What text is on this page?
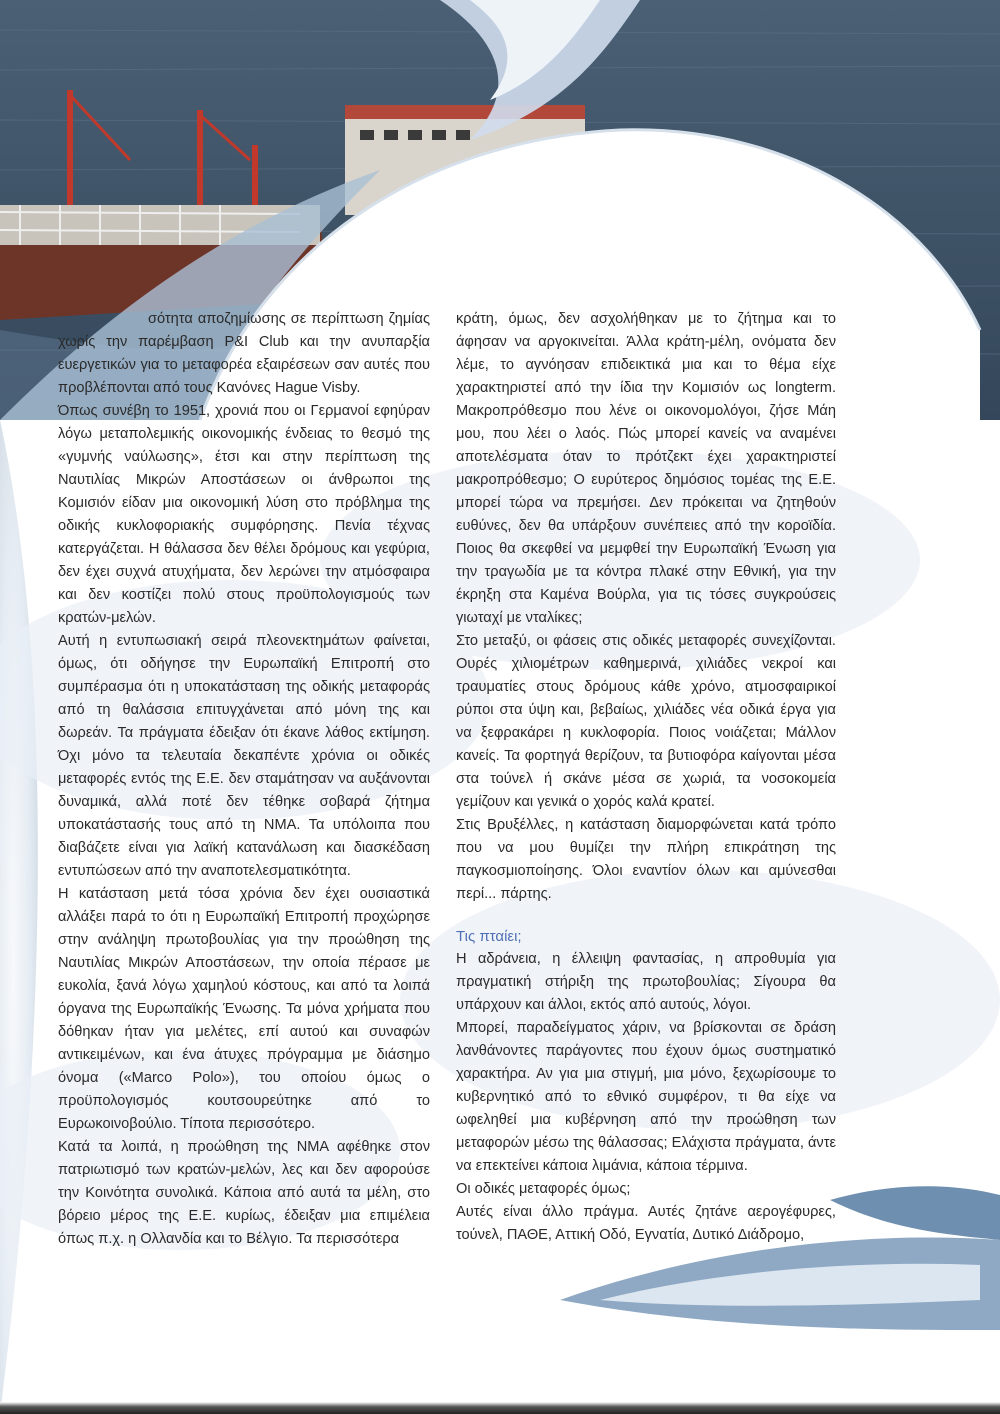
σότητα αποζημίωσης σε περίπτωση ζημίας χωρίς την παρέμβαση P&I Club και την ανυπαρξία ευεργετικών για το μεταφορέα εξαιρέσεων σαν αυτές που προβλέπονται από τους Κανόνες Hague Visby.

Όπως συνέβη το 1951, χρονιά που οι Γερμανοί εφηύραν λόγω μεταπολεμικής οικονομικής ένδειας το θεσμό της «γυμνής ναύλωσης», έτσι και στην περίπτωση της Ναυτιλίας Μικρών Αποστάσεων οι άνθρωποι της Κομισιόν είδαν μια οικονομική λύση στο πρόβλημα της οδικής κυκλοφοριακής συμφόρησης. Πενία τέχνας κατεργάζεται. Η θάλασσα δεν θέλει δρόμους και γεφύρια, δεν έχει συχνά ατυχήματα, δεν λερώνει την ατμόσφαιρα και δεν κοστίζει πολύ στους προϋπολογισμούς των κρατών-μελών.

Αυτή η εντυπωσιακή σειρά πλεονεκτημάτων φαίνεται, όμως, ότι οδήγησε την Ευρωπαϊκή Επιτροπή στο συμπέρασμα ότι η υποκατάσταση της οδικής μεταφοράς από τη θαλάσσια επιτυγχάνεται από μόνη της και δωρεάν. Τα πράγματα έδειξαν ότι έκανε λάθος εκτίμηση. Όχι μόνο τα τελευταία δεκαπέντε χρόνια οι οδικές μεταφορές εντός της Ε.Ε. δεν σταμάτησαν να αυξάνονται δυναμικά, αλλά ποτέ δεν τέθηκε σοβαρά ζήτημα υποκατάστασής τους από τη ΝΜΑ. Τα υπόλοιπα που διαβάζετε είναι για λαϊκή κατανάλωση και διασκέδαση εντυπώσεων από την αναποτελεσματικότητα.

Η κατάσταση μετά τόσα χρόνια δεν έχει ουσιαστικά αλλάξει παρά το ότι η Ευρωπαϊκή Επιτροπή προχώρησε στην ανάληψη πρωτοβουλίας για την προώθηση της Ναυτιλίας Μικρών Αποστάσεων, την οποία πέρασε με ευκολία, ξανά λόγω χαμηλού κόστους, και από τα λοιπά όργανα της Ευρωπαϊκής Ένωσης. Τα μόνα χρήματα που δόθηκαν ήταν για μελέτες, επί αυτού και συναφών αντικειμένων, και ένα άτυχες πρόγραμμα με διάσημο όνομα («Marco Polo»), του οποίου όμως ο προϋπολογισμός κουτσουρεύτηκε από το Ευρωκοινοβούλιο. Τίποτα περισσότερο.

Κατά τα λοιπά, η προώθηση της ΝΜΑ αφέθηκε στον πατριωτισμό των κρατών-μελών, λες και δεν αφορούσε την Κοινότητα συνολικά. Κάποια από αυτά τα μέλη, στο βόρειο μέρος της Ε.Ε. κυρίως, έδειξαν μια επιμέλεια όπως π.χ. η Ολλανδία και το Βέλγιο. Τα περισσότερα

κράτη, όμως, δεν ασχολήθηκαν με το ζήτημα και το άφησαν να αργοκινείται. Άλλα κράτη-μέλη, ονόματα δεν λέμε, το αγνόησαν επιδεικτικά μια και το θέμα είχε χαρακτηριστεί από την ίδια την Κομισιόν ως longterm. Μακροπρόθεσμο που λένε οι οικονομολόγοι, ζήσε Μάη μου, που λέει ο λαός. Πώς μπορεί κανείς να αναμένει αποτελέσματα όταν το πρότζεκτ έχει χαρακτηριστεί μακροπρόθεσμο; Ο ευρύτερος δημόσιος τομέας της Ε.Ε. μπορεί τώρα να πρεμήσει. Δεν πρόκειται να ζητηθούν ευθύνες, δεν θα υπάρξουν συνέπειες από την κοροϊδία. Ποιος θα σκεφθεί να μεμφθεί την Ευρωπαϊκή Ένωση για την τραγωδία με τα κόντρα πλακέ στην Εθνική, για την έκρηξη στα Καμένα Βούρλα, για τις τόσες συγκρούσεις γιωταχί με νταλίκες;

Στο μεταξύ, οι φάσεις στις οδικές μεταφορές συνεχίζονται. Ουρές χιλιομέτρων καθημερινά, χιλιάδες νεκροί και τραυματίες στους δρόμους κάθε χρόνο, ατμοσφαιρικοί ρύποι στα ύψη και, βεβαίως, χιλιάδες νέα οδικά έργα για να ξεφρακάρει η κυκλοφορία. Ποιος νοιάζεται; Μάλλον κανείς. Τα φορτηγά θερίζουν, τα βυτιοφόρα καίγονται μέσα στα τούνελ ή σκάνε μέσα σε χωριά, τα νοσοκομεία γεμίζουν και γενικά ο χορός καλά κρατεί.

Στις Βρυξέλλες, η κατάσταση διαμορφώνεται κατά τρόπο που να μου θυμίζει την πλήρη επικράτηση της παγκοσμιοποίησης. Όλοι εναντίον όλων και αμύνεσθαι περί... πάρτης.

Τις πταίει;

Η αδράνεια, η έλλειψη φαντασίας, η απροθυμία για πραγματική στήριξη της πρωτοβουλίας; Σίγουρα θα υπάρχουν και άλλοι, εκτός από αυτούς, λόγοι.

Μπορεί, παραδείγματος χάριν, να βρίσκονται σε δράση λανθάνοντες παράγοντες που έχουν όμως συστηματικό χαρακτήρα. Αν για μια στιγμή, μια μόνο, ξεχωρίσουμε το κυβερνητικό από το εθνικό συμφέρον, τι θα είχε να ωφεληθεί μια κυβέρνηση από την προώθηση των μεταφορών μέσω της θάλασσας; Ελάχιστα πράγματα, άντε να επεκτείνει κάποια λιμάνια, κάποια τέρμινα.

Οι οδικές μεταφορές όμως;

Αυτές είναι άλλο πράγμα. Αυτές ζητάνε αερογέφυρες, τούνελ, ΠΑΘΕ, Αττική Οδό, Εγνατία, Δυτικό Διάδρομο,
